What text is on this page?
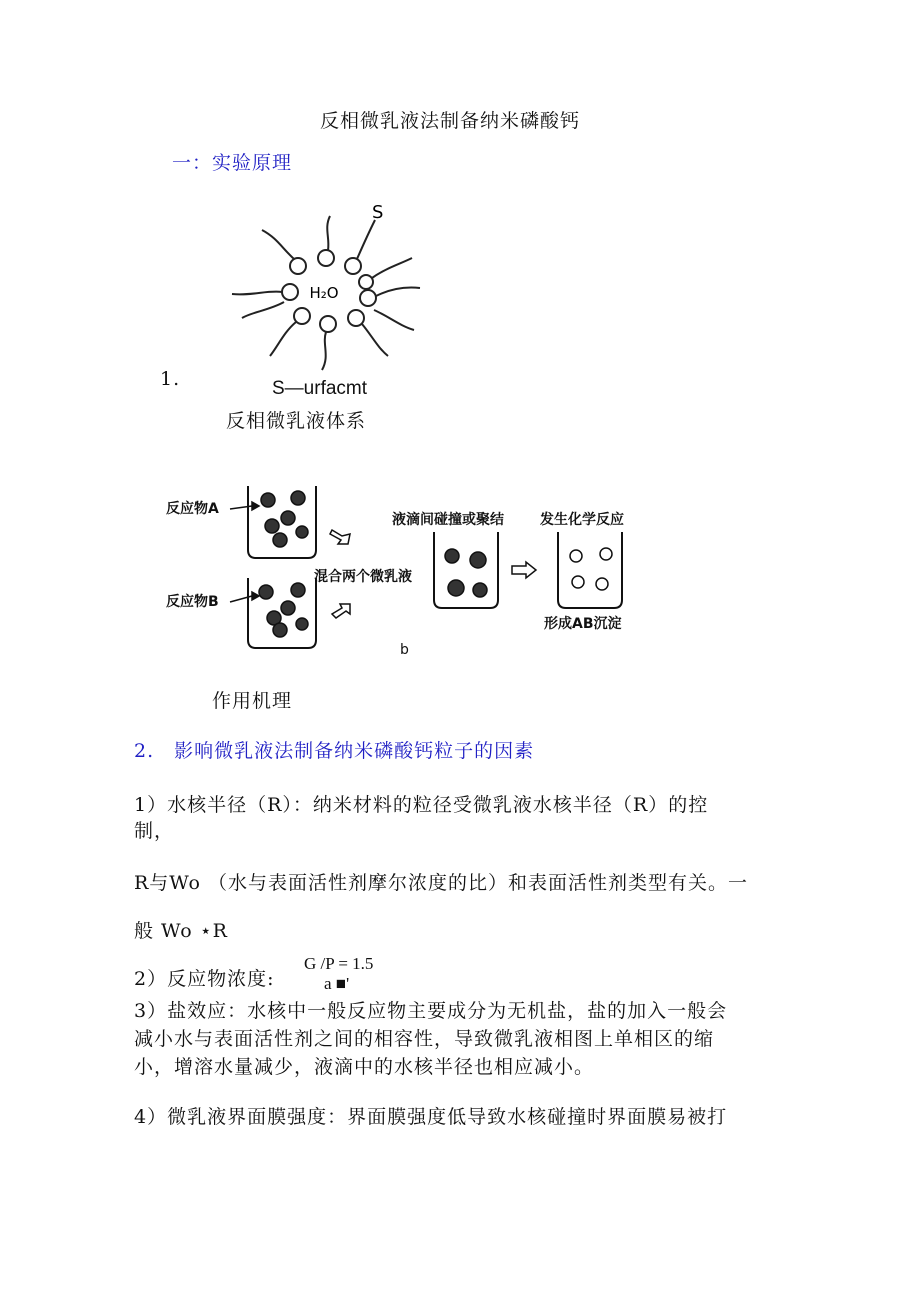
反相微乳液法制备纳米磷酸钙
一：实验原理
H₂O
S
1.	S—urfacmt
反相微乳液体系
反应物A
反应物B
混合两个微乳液
液滴间碰撞或聚结	发生化学反应
形成AB沉淀
b
作用机理
2.　影响微乳液法制备纳米磷酸钙粒子的因素
1）水核半径（R）：纳米材料的粒径受微乳液水核半径（R）的控
制，
R与Wo （水与表面活性剂摩尔浓度的比）和表面活性剂类型有关。一
般 Wo ⋆R
2）反应物浓度:
G /P = 1.5
a ■'
3）盐效应：水核中一般反应物主要成分为无机盐，盐的加入一般会
减小水与表面活性剂之间的相容性，导致微乳液相图上单相区的缩
小，增溶水量减少，液滴中的水核半径也相应减小。
4）微乳液界面膜强度：界面膜强度低导致水核碰撞时界面膜易被打
